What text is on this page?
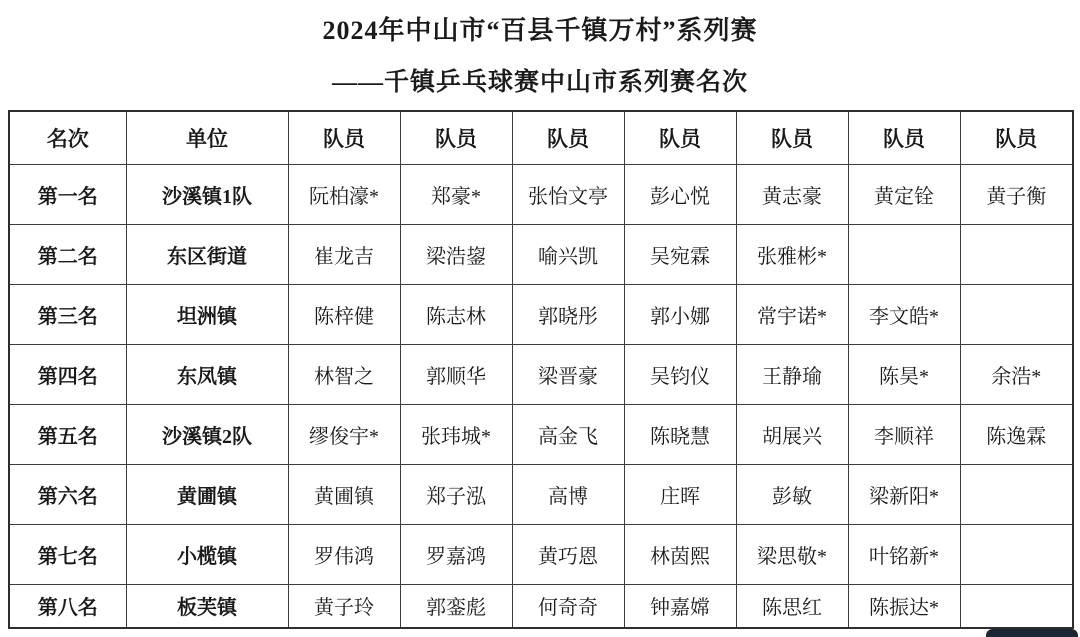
2024年中山市“百县千镇万村”系列赛
——千镇乒乓球赛中山市系列赛名次
名次	单位	队员	队员	队员	队员	队员	队员	队员
第一名	沙溪镇1队	阮柏濠*	郑豪*	张怡文亭	彭心悦	黄志豪	黄定铨	黄子衡
第二名	东区街道	崔龙吉	梁浩鋆	喻兴凯	吴宛霖	张雅彬*		
第三名	坦洲镇	陈梓健	陈志林	郭晓彤	郭小娜	常宇诺*	李文皓*	
第四名	东凤镇	林智之	郭顺华	梁晋豪	吴钧仪	王静瑜	陈昊*	余浩*
第五名	沙溪镇2队	缪俊宇*	张玮城*	高金飞	陈晓慧	胡展兴	李顺祥	陈逸霖
第六名	黄圃镇	黄圃镇	郑子泓	高博	庄晖	彭敏	梁新阳*	
第七名	小榄镇	罗伟鸿	罗嘉鸿	黄巧恩	林茵熙	梁思敬*	叶铭新*	
第八名	板芙镇	黄子玲	郭銮彪	何奇奇	钟嘉嫦	陈思红	陈振达*	
